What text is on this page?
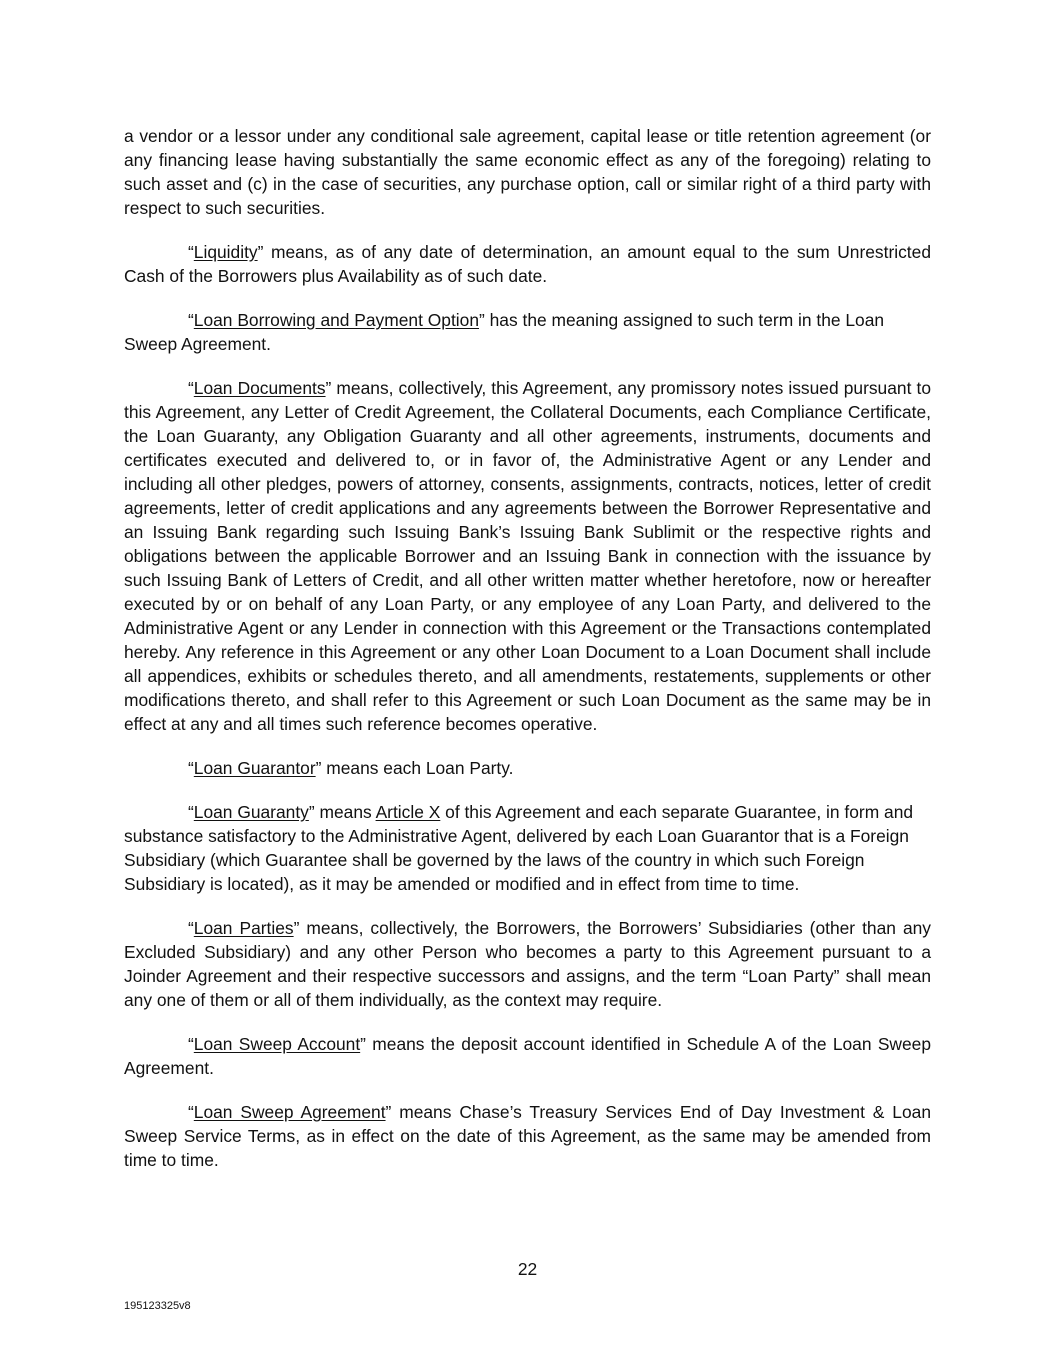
a vendor or a lessor under any conditional sale agreement, capital lease or title retention agreement (or any financing lease having substantially the same economic effect as any of the foregoing) relating to such asset and (c) in the case of securities, any purchase option, call or similar right of a third party with respect to such securities.

“Liquidity” means, as of any date of determination, an amount equal to the sum Unrestricted Cash of the Borrowers plus Availability as of such date.

“Loan Borrowing and Payment Option” has the meaning assigned to such term in the Loan Sweep Agreement.

“Loan Documents” means, collectively, this Agreement, any promissory notes issued pursuant to this Agreement, any Letter of Credit Agreement, the Collateral Documents, each Compliance Certificate, the Loan Guaranty, any Obligation Guaranty and all other agreements, instruments, documents and certificates executed and delivered to, or in favor of, the Administrative Agent or any Lender and including all other pledges, powers of attorney, consents, assignments, contracts, notices, letter of credit agreements, letter of credit applications and any agreements between the Borrower Representative and an Issuing Bank regarding such Issuing Bank’s Issuing Bank Sublimit or the respective rights and obligations between the applicable Borrower and an Issuing Bank in connection with the issuance by such Issuing Bank of Letters of Credit, and all other written matter whether heretofore, now or hereafter executed by or on behalf of any Loan Party, or any employee of any Loan Party, and delivered to the Administrative Agent or any Lender in connection with this Agreement or the Transactions contemplated hereby. Any reference in this Agreement or any other Loan Document to a Loan Document shall include all appendices, exhibits or schedules thereto, and all amendments, restatements, supplements or other modifications thereto, and shall refer to this Agreement or such Loan Document as the same may be in effect at any and all times such reference becomes operative.

“Loan Guarantor” means each Loan Party.

“Loan Guaranty” means Article X of this Agreement and each separate Guarantee, in form and substance satisfactory to the Administrative Agent, delivered by each Loan Guarantor that is a Foreign Subsidiary (which Guarantee shall be governed by the laws of the country in which such Foreign Subsidiary is located), as it may be amended or modified and in effect from time to time.

“Loan Parties” means, collectively, the Borrowers, the Borrowers’ Subsidiaries (other than any Excluded Subsidiary) and any other Person who becomes a party to this Agreement pursuant to a Joinder Agreement and their respective successors and assigns, and the term “Loan Party” shall mean any one of them or all of them individually, as the context may require.

“Loan Sweep Account” means the deposit account identified in Schedule A of the Loan Sweep Agreement.

“Loan Sweep Agreement” means Chase’s Treasury Services End of Day Investment & Loan Sweep Service Terms, as in effect on the date of this Agreement, as the same may be amended from time to time.

22
195123325v8
